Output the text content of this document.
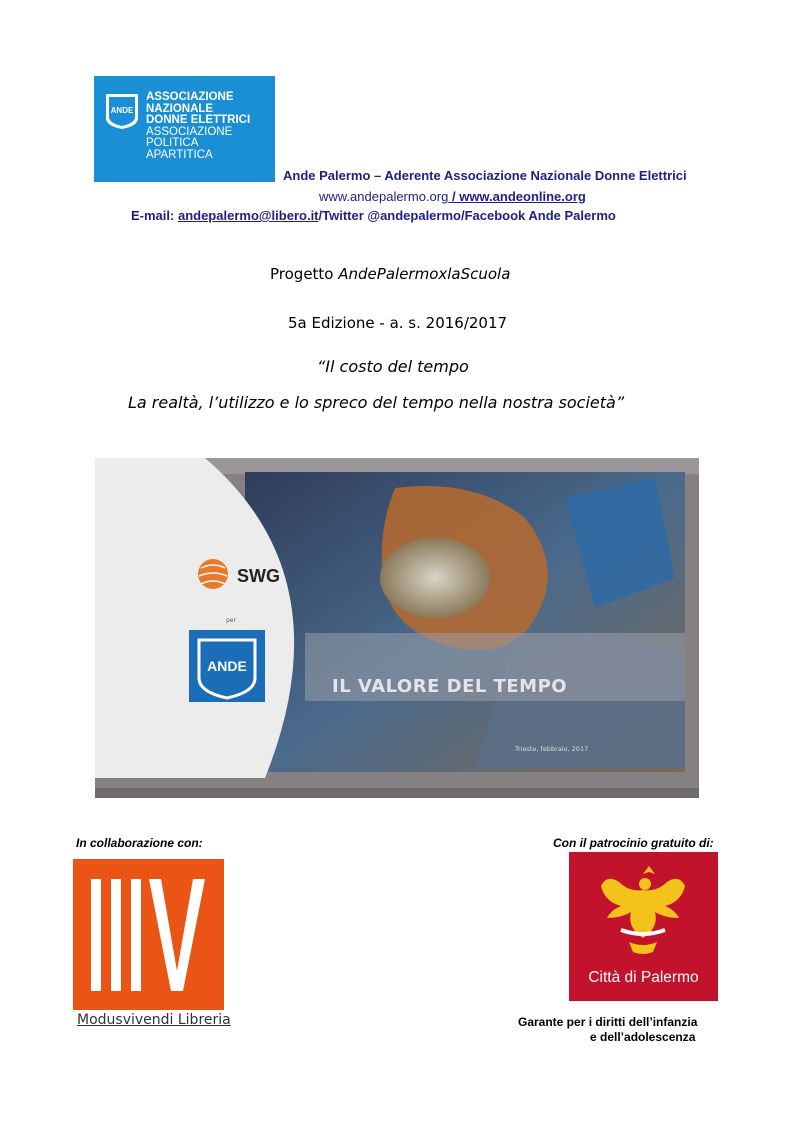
ANDE
ASSOCIAZIONE
NAZIONALE
DONNE ELETTRICI
ASSOCIAZIONE
POLITICA
APARTITICA
Ande Palermo – Aderente Associazione Nazionale Donne Elettrici
www.andepalermo.org / www.andeonline.org
E-mail: andepalermo@libero.it/Twitter @andepalermo/Facebook Ande Palermo
Progetto AndePalermoxlaScuola
5a Edizione - a. s. 2016/2017
“Il costo del tempo
La realtà, l’utilizzo e lo spreco del tempo nella nostra società”
ANDE
SWG
per
IL VALORE DEL TEMPO
Trieste, febbraio, 2017
In collaborazione con:	Con il patrocinio gratuito di:
Modusvivendi Libreria
Città di Palermo
Garante per i diritti dell’infanzia
e dell’adolescenza
